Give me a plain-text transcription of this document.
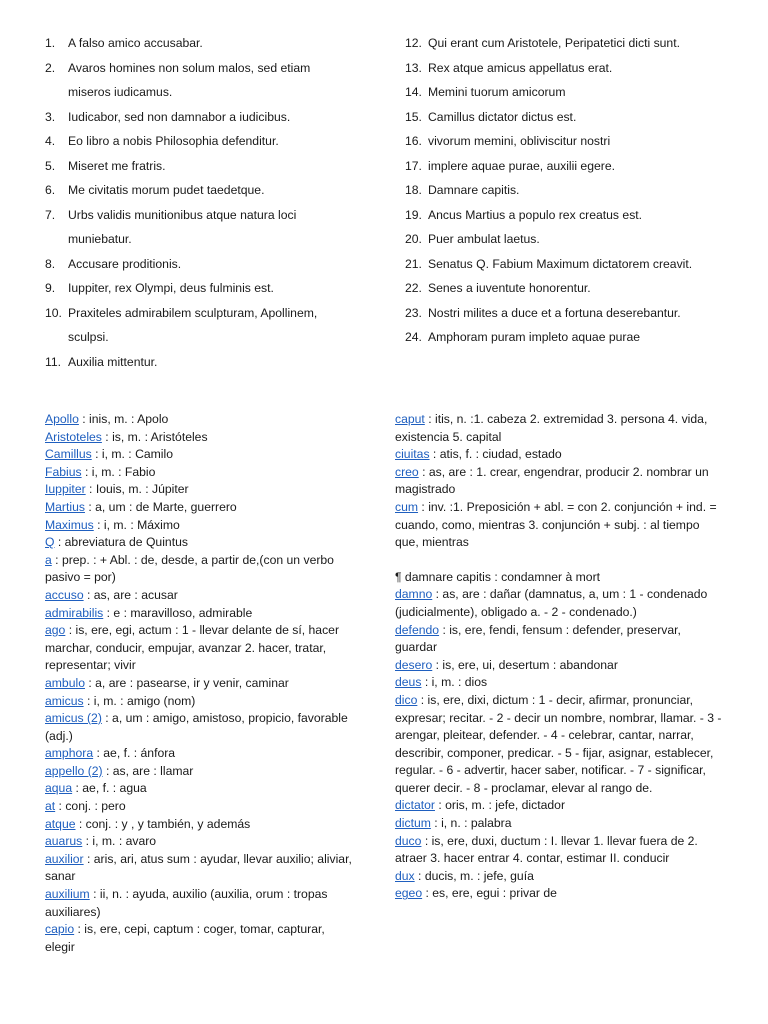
1.	A falso amico accusabar.
2.	Avaros homines non solum malos, sed etiam miseros iudicamus.
3.	Iudicabor, sed non damnabor a iudicibus.
4.	Eo libro a nobis Philosophia defenditur.
5.	Miseret me fratris.
6.	Me civitatis morum pudet taedetque.
7.	Urbs validis munitionibus atque natura loci muniebatur.
8.	Accusare proditionis.
9.	Iuppiter, rex Olympi, deus fulminis est.
10. Praxiteles admirabilem sculpturam, Apollinem, sculpsi.
11. Auxilia mittentur.
12. Qui erant cum Aristotele, Peripatetici dicti sunt.
13. Rex atque amicus appellatus erat.
14. Memini tuorum amicorum
15. Camillus dictator dictus est.
16. vivorum memini, obliviscitur nostri
17. implere aquae purae, auxilii egere.
18. Damnare capitis.
19. Ancus Martius a populo rex creatus est.
20. Puer ambulat laetus.
21. Senatus Q. Fabium Maximum dictatorem creavit.
22. Senes a iuventute honorentur.
23. Nostri milites a duce et a fortuna deserebantur.
24. Amphoram puram impleto aquae purae

Apollo : inis, m. : Apolo

Aristoteles : is, m. : Aristóteles

Camillus : i, m. : Camilo

Fabius : i, m. : Fabio

Iuppiter : Iouis, m. : Júpiter

Martius : a, um : de Marte, guerrero

Maximus : i, m. : Máximo

Q : abreviatura de Quintus

a : prep. : + Abl. : de, desde, a partir de,(con un verbo pasivo = por)

accuso : as, are : acusar

admirabilis : e : maravilloso, admirable

ago : is, ere, egi, actum : 1 - llevar delante de sí, hacer marchar, conducir, empujar, avanzar 2. hacer, tratar, representar; vivir

ambulo : a, are : pasearse, ir y venir, caminar

amicus : i, m. : amigo (nom)

amicus (2) : a, um : amigo, amistoso, propicio, favorable (adj.)

amphora : ae, f. : ánfora

appello (2) : as, are : llamar

aqua : ae, f. : agua

at : conj. : pero

atque : conj. : y , y también, y además

auarus : i, m. : avaro

auxilior : aris, ari, atus sum : ayudar, llevar auxilio; aliviar, sanar

auxilium : ii, n. : ayuda, auxilio (auxilia, orum : tropas auxiliares)

capio : is, ere, cepi, captum : coger, tomar, capturar, elegir

caput : itis, n. :1. cabeza 2. extremidad 3. persona 4. vida, existencia 5. capital

ciuitas : atis, f. : ciudad, estado

creo : as, are : 1. crear, engendrar, producir 2. nombrar un magistrado

cum : inv. :1. Preposición + abl. = con 2. conjunción + ind. = cuando, como, mientras 3. conjunción + subj. : al tiempo que, mientras

¶ damnare capitis : condamner à mort

damno : as, are : dañar (damnatus, a, um : 1 - condenado (judicialmente), obligado a. - 2 - condenado.)

defendo : is, ere, fendi, fensum : defender, preservar, guardar

desero : is, ere, ui, desertum : abandonar

deus : i, m. : dios

dico : is, ere, dixi, dictum : 1 - decir, afirmar, pronunciar, expresar; recitar. - 2 - decir un nombre, nombrar, llamar. - 3 - arengar, pleitear, defender. - 4 - celebrar, cantar, narrar, describir, componer, predicar. - 5 - fijar, asignar, establecer, regular. - 6 - advertir, hacer saber, notificar. - 7 - significar, querer decir. - 8 - proclamar, elevar al rango de.

dictator : oris, m. : jefe, dictador

dictum : i, n. : palabra

duco : is, ere, duxi, ductum : I. llevar 1. llevar fuera de 2. atraer 3. hacer entrar 4. contar, estimar II. conducir

dux : ducis, m. : jefe, guía

egeo : es, ere, egui : privar de
